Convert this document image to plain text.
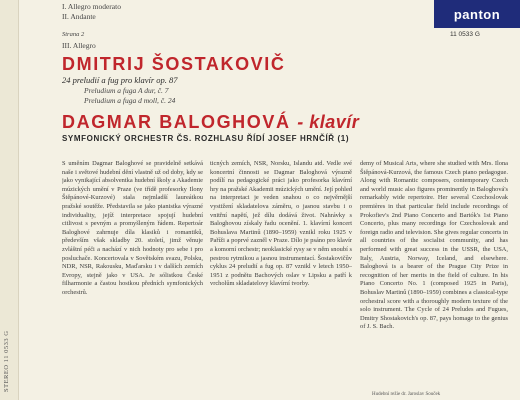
STEREO 11 0533 G
panton
11 0533 G
I. Allegro moderato
II. Andante
Strana 2
III. Allegro
DMITRIJ ŠOSTAKOVIČ
24 preludií a fug pro klavír op. 87
Preludium a fuga A dur, č. 7
Preludium a fuga d moll, č. 24
DAGMAR BALOGHOVÁ - klavír
SYMFONICKÝ ORCHESTR ČS. ROZHLASU ŘÍDÍ JOSEF HRNČÍŘ (1)

S uměním Dagmar Baloghové se pravidelně setkává naše i světové hudební dění vlastně už od doby, kdy se jako vynikající absolventka hudební školy a Akademie múzických umění v Praze (ve třídě profesorky Ilony Štěpánové-Kurzové) stala nejmladší laureátkou pražské soutěže. Představila se jako pianistka výrazné individuality, jejíž interpretace spojují hudební citlivost s pevným a promyšleným řádem. Repertoár Baloghové zahrnuje díla klasiků i romantiků, především však skladby 20. století, jimž věnuje zvláštní péči a nachází v nich hodnoty pro sebe i pro posluchače. Koncertovala v Sovětském svazu, Polsku, NDR, NSR, Rakousku, Maďarsku i v dalších zemích Evropy, stejně jako v USA. Je sólistkou České filharmonie a častou hostkou předních symfonických orchestrů.

ticných zemích, NSR, Norsku, Islandu atd. Vedle své koncertní činnosti se Dagmar Baloghová výrazně podílí na pedagogické práci jako profesorka klavírní hry na pražské Akademii múzických umění. Její pohled na interpretaci je veden snahou o co nejvěrnější vystižení skladatelova záměru, o jasnou stavbu i o vnitřní napětí, jež dílu dodává život. Nahrávky s Baloghovou získaly řadu ocenění. 1. klavírní koncert Bohuslava Martinů (1890–1959) vznikl roku 1925 v Paříži a poprvé zazněl v Praze. Dílo je psáno pro klavír a komorní orchestr; neoklasické rysy se v něm snoubí s pestrou rytmikou a jasnou instrumentací. Šostakovičův cyklus 24 preludií a fug op. 87 vznikl v letech 1950–1951 z podnětu Bachových oslav v Lipsku a patří k vrcholům skladatelovy klavírní tvorby.

demy of Musical Arts, where she studied with Mrs. Ilona Štěpánová-Kurzová, the famous Czech piano pedagogue. Along with Romantic composers, contemporary Czech and world music also figures prominently in Baloghová's remarkably wide repertoire. Her several Czechoslovak premières in that particular field include recordings of Prokofiev's 2nd Piano Concerto and Bartók's 1st Piano Concerto, plus many recordings for Czechoslovak and foreign radio and television. She gives regular concerts in all countries of the socialist community, and has performed with great success in the USSR, the USA, Italy, Austria, Norway, Iceland, and elsewhere. Baloghová is a bearer of the Prague City Prize in recognition of her merits in the field of culture. In his Piano Concerto No. 1 (composed 1925 in Paris), Bohuslav Martinů (1890–1959) combines a classical-type orchestral score with a thoroughly modern texture of the solo instrument. The Cycle of 24 Preludes and Fugues, Dmitry Shostakovich's op. 87, pays homage to the genius of J. S. Bach.

Hudební režie dr. Jaroslav Souček
